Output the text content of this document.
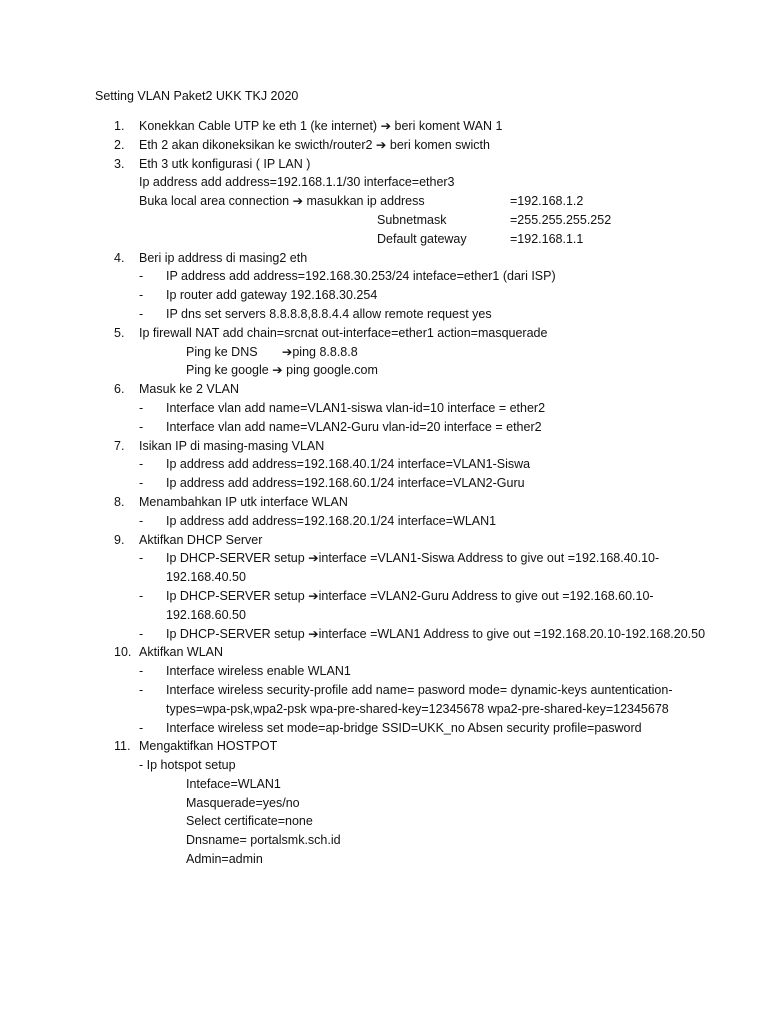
Setting VLAN Paket2 UKK TKJ 2020
1.	Konekkan Cable UTP ke eth 1 (ke internet) ➔ beri koment WAN 1
2.	Eth 2 akan dikoneksikan ke swicth/router2 ➔ beri komen swicth
3.	Eth 3 utk konfigurasi ( IP LAN )
Ip address add address=192.168.1.1/30 interface=ether3
Buka local area connection ➔ masukkan ip address	=192.168.1.2
Subnetmask	=255.255.255.252
Default gateway	=192.168.1.1
4.	Beri ip address di masing2 eth
- IP address add address=192.168.30.253/24 inteface=ether1 (dari ISP)
- Ip router add gateway 192.168.30.254
- IP dns set servers 8.8.8.8,8.8.4.4 allow remote request yes
5.	Ip firewall NAT add chain=srcnat out-interface=ether1 action=masquerade
Ping ke DNS       ➔ping 8.8.8.8
Ping ke google ➔ ping google.com
6.	Masuk ke 2 VLAN
- Interface vlan add name=VLAN1-siswa vlan-id=10 interface = ether2
- Interface vlan add name=VLAN2-Guru vlan-id=20 interface = ether2
7.	Isikan IP di masing-masing VLAN
- Ip address add address=192.168.40.1/24 interface=VLAN1-Siswa
- Ip address add address=192.168.60.1/24 interface=VLAN2-Guru
8.	Menambahkan IP utk interface WLAN
- Ip address add address=192.168.20.1/24 interface=WLAN1
9.	Aktifkan DHCP Server
- Ip DHCP-SERVER setup ➔interface =VLAN1-Siswa Address to give out =192.168.40.10-192.168.40.50
- Ip DHCP-SERVER setup ➔interface =VLAN2-Guru Address to give out =192.168.60.10-192.168.60.50
- Ip DHCP-SERVER setup ➔interface =WLAN1 Address to give out =192.168.20.10-192.168.20.50
10. Aktifkan WLAN
- Interface wireless enable WLAN1
- Interface wireless security-profile add name= pasword mode= dynamic-keys auntentication-types=wpa-psk,wpa2-psk wpa-pre-shared-key=12345678 wpa2-pre-shared-key=12345678
- Interface wireless set mode=ap-bridge SSID=UKK_no Absen security profile=pasword
11. Mengaktifkan HOSTPOT
- Ip hotspot setup
Inteface=WLAN1
Masquerade=yes/no
Select certificate=none
Dnsname= portalsmk.sch.id
Admin=admin
